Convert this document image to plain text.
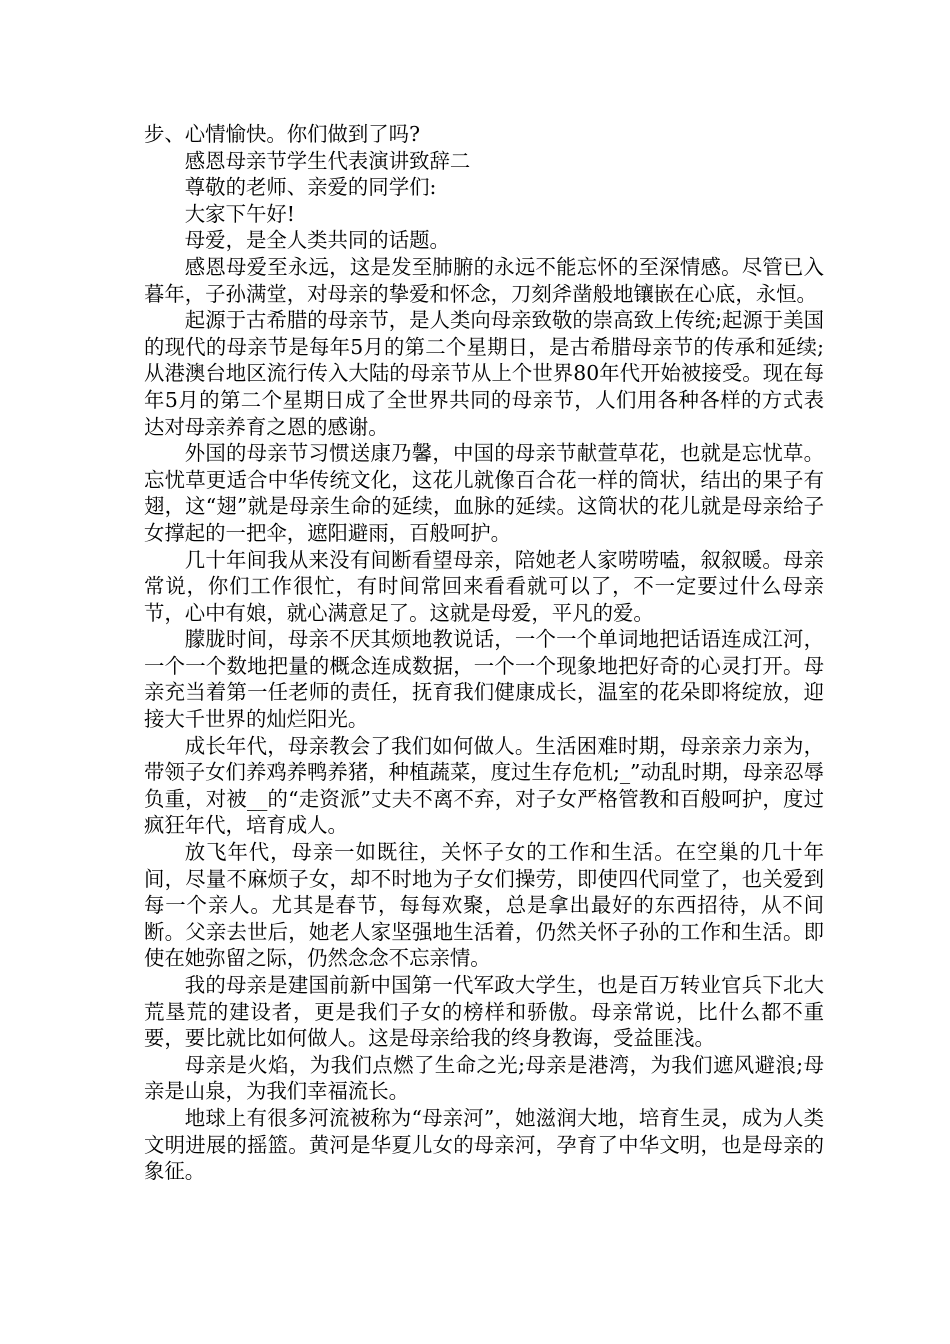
步、心情愉快。你们做到了吗?

感恩母亲节学生代表演讲致辞二

尊敬的老师、亲爱的同学们:

大家下午好!

母爱，是全人类共同的话题。

感恩母爱至永远，这是发至肺腑的永远不能忘怀的至深情感。尽管已入暮年，子孙满堂，对母亲的挚爱和怀念，刀刻斧凿般地镶嵌在心底，永恒。

起源于古希腊的母亲节，是人类向母亲致敬的崇高致上传统;起源于美国的现代的母亲节是每年5月的第二个星期日，是古希腊母亲节的传承和延续;从港澳台地区流行传入大陆的母亲节从上个世界80年代开始被接受。现在每年5月的第二个星期日成了全世界共同的母亲节，人们用各种各样的方式表达对母亲养育之恩的感谢。

外国的母亲节习惯送康乃馨，中国的母亲节献萱草花，也就是忘忧草。忘忧草更适合中华传统文化，这花儿就像百合花一样的筒状，结出的果子有翅，这“翅”就是母亲生命的延续，血脉的延续。这筒状的花儿就是母亲给子女撑起的一把伞，遮阳避雨，百般呵护。

几十年间我从来没有间断看望母亲，陪她老人家唠唠嗑，叙叙暖。母亲常说，你们工作很忙，有时间常回来看看就可以了，不一定要过什么母亲节，心中有娘，就心满意足了。这就是母爱，平凡的爱。

朦胧时间，母亲不厌其烦地教说话，一个一个单词地把话语连成江河，一个一个数地把量的概念连成数据，一个一个现象地把好奇的心灵打开。母亲充当着第一任老师的责任，抚育我们健康成长，温室的花朵即将绽放，迎接大千世界的灿烂阳光。

成长年代，母亲教会了我们如何做人。生活困难时期，母亲亲力亲为，带领子女们养鸡养鸭养猪，种植蔬菜，度过生存危机;_”动乱时期，母亲忍辱负重，对被__的“走资派”丈夫不离不弃，对子女严格管教和百般呵护，度过疯狂年代，培育成人。

放飞年代，母亲一如既往，关怀子女的工作和生活。在空巢的几十年间，尽量不麻烦子女，却不时地为子女们操劳，即使四代同堂了，也关爱到每一个亲人。尤其是春节，每每欢聚，总是拿出最好的东西招待，从不间断。父亲去世后，她老人家坚强地生活着，仍然关怀子孙的工作和生活。即使在她弥留之际，仍然念念不忘亲情。

我的母亲是建国前新中国第一代军政大学生，也是百万转业官兵下北大荒垦荒的建设者，更是我们子女的榜样和骄傲。母亲常说，比什么都不重要，要比就比如何做人。这是母亲给我的终身教诲，受益匪浅。

母亲是火焰，为我们点燃了生命之光;母亲是港湾，为我们遮风避浪;母亲是山泉，为我们幸福流长。

地球上有很多河流被称为“母亲河”，她滋润大地，培育生灵，成为人类文明进展的摇篮。黄河是华夏儿女的母亲河，孕育了中华文明，也是母亲的象征。
